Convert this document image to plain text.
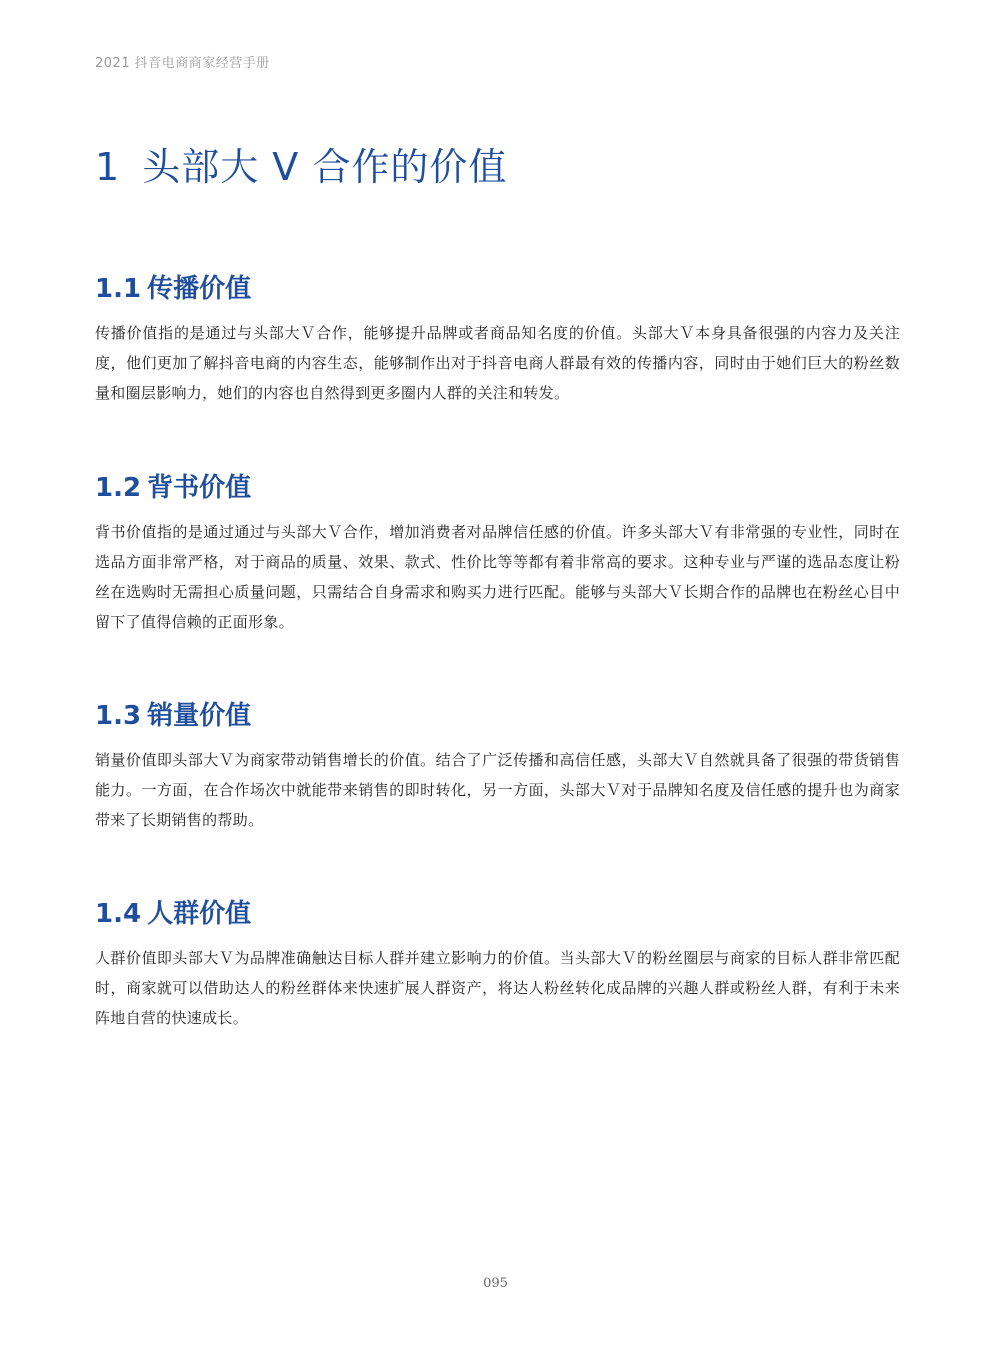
2021 抖音电商商家经营手册
1 头部大 V 合作的价值
1.1 传播价值

传播价值指的是通过与头部大Ｖ合作，能够提升品牌或者商品知名度的价值。头部大Ｖ本身具备很强的内容力及关注度，他们更加了解抖音电商的内容生态，能够制作出对于抖音电商人群最有效的传播内容，同时由于她们巨大的粉丝数量和圈层影响力，她们的内容也自然得到更多圈内人群的关注和转发。

1.2 背书价值

背书价值指的是通过通过与头部大Ｖ合作，增加消费者对品牌信任感的价值。许多头部大Ｖ有非常强的专业性，同时在选品方面非常严格，对于商品的质量、效果、款式、性价比等等都有着非常高的要求。这种专业与严谨的选品态度让粉丝在选购时无需担心质量问题，只需结合自身需求和购买力进行匹配。能够与头部大Ｖ长期合作的品牌也在粉丝心目中留下了值得信赖的正面形象。

1.3 销量价值

销量价值即头部大Ｖ为商家带动销售增长的价值。结合了广泛传播和高信任感，头部大Ｖ自然就具备了很强的带货销售能力。一方面，在合作场次中就能带来销售的即时转化，另一方面，头部大Ｖ对于品牌知名度及信任感的提升也为商家带来了长期销售的帮助。

1.4 人群价值

人群价值即头部大Ｖ为品牌准确触达目标人群并建立影响力的价值。当头部大Ｖ的粉丝圈层与商家的目标人群非常匹配时，商家就可以借助达人的粉丝群体来快速扩展人群资产，将达人粉丝转化成品牌的兴趣人群或粉丝人群，有利于未来阵地自营的快速成长。

095
